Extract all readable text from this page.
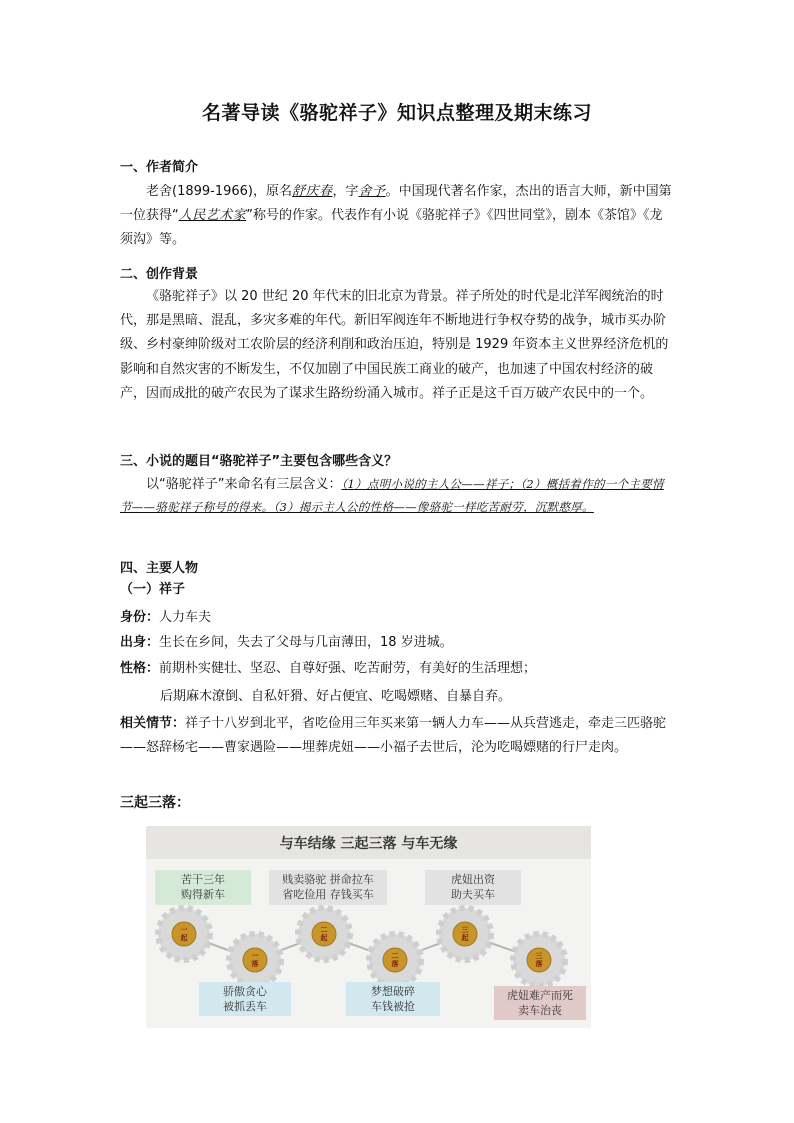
名著导读《骆驼祥子》知识点整理及期末练习
一、作者简介

老舍(1899-1966)，原名舒庆春，字舍予。中国现代著名作家，杰出的语言大师，新中国第一位获得“人民艺术家”称号的作家。代表作有小说《骆驼祥子》《四世同堂》，剧本《茶馆》《龙须沟》等。

二、创作背景

《骆驼祥子》以 20 世纪 20 年代末的旧北京为背景。祥子所处的时代是北洋军阀统治的时代，那是黑暗、混乱，多灾多难的年代。新旧军阀连年不断地进行争权夺势的战争，城市买办阶级、乡村豪绅阶级对工农阶层的经济利削和政治压迫，特别是 1929 年资本主义世界经济危机的影响和自然灾害的不断发生，不仅加剧了中国民族工商业的破产，也加速了中国农村经济的破产，因而成批的破产农民为了谋求生路纷纷涌入城市。祥子正是这千百万破产农民中的一个。

三、小说的题目“骆驼祥子”主要包含哪些含义？

以“骆驼祥子”来命名有三层含义：（1）点明小说的主人公——祥子；（2）概括着作的一个主要情节——骆驼祥子称号的得来。（3）揭示主人公的性格——像骆驼一样吃苦耐劳，沉默憨厚。

四、主要人物
（一）祥子
身份：人力车夫
出身：生长在乡间，失去了父母与几亩薄田，18 岁进城。
性格：前期朴实健壮、坚忍、自尊好强、吃苦耐劳，有美好的生活理想；
后期麻木潦倒、自私奸猾、好占便宜、吃喝嫖赌、自暴自弃。

相关情节：祥子十八岁到北平，省吃俭用三年买来第一辆人力车——从兵营逃走，牵走三匹骆驼——怒辞杨宅——曹家遇险——埋葬虎妞——小福子去世后，沦为吃喝嫖赌的行尸走肉。

三起三落：
与车结缘 三起三落 与车无缘
苦干三年
购得新车
贱卖骆驼 拼命拉车
省吃俭用 存钱买车
虎妞出资
助夫买车
一
起
一
落
二
起
二
落
三
起
三
落
骄傲贪心
被抓丢车
梦想破碎
车钱被抢
虎妞难产而死
卖车治丧
